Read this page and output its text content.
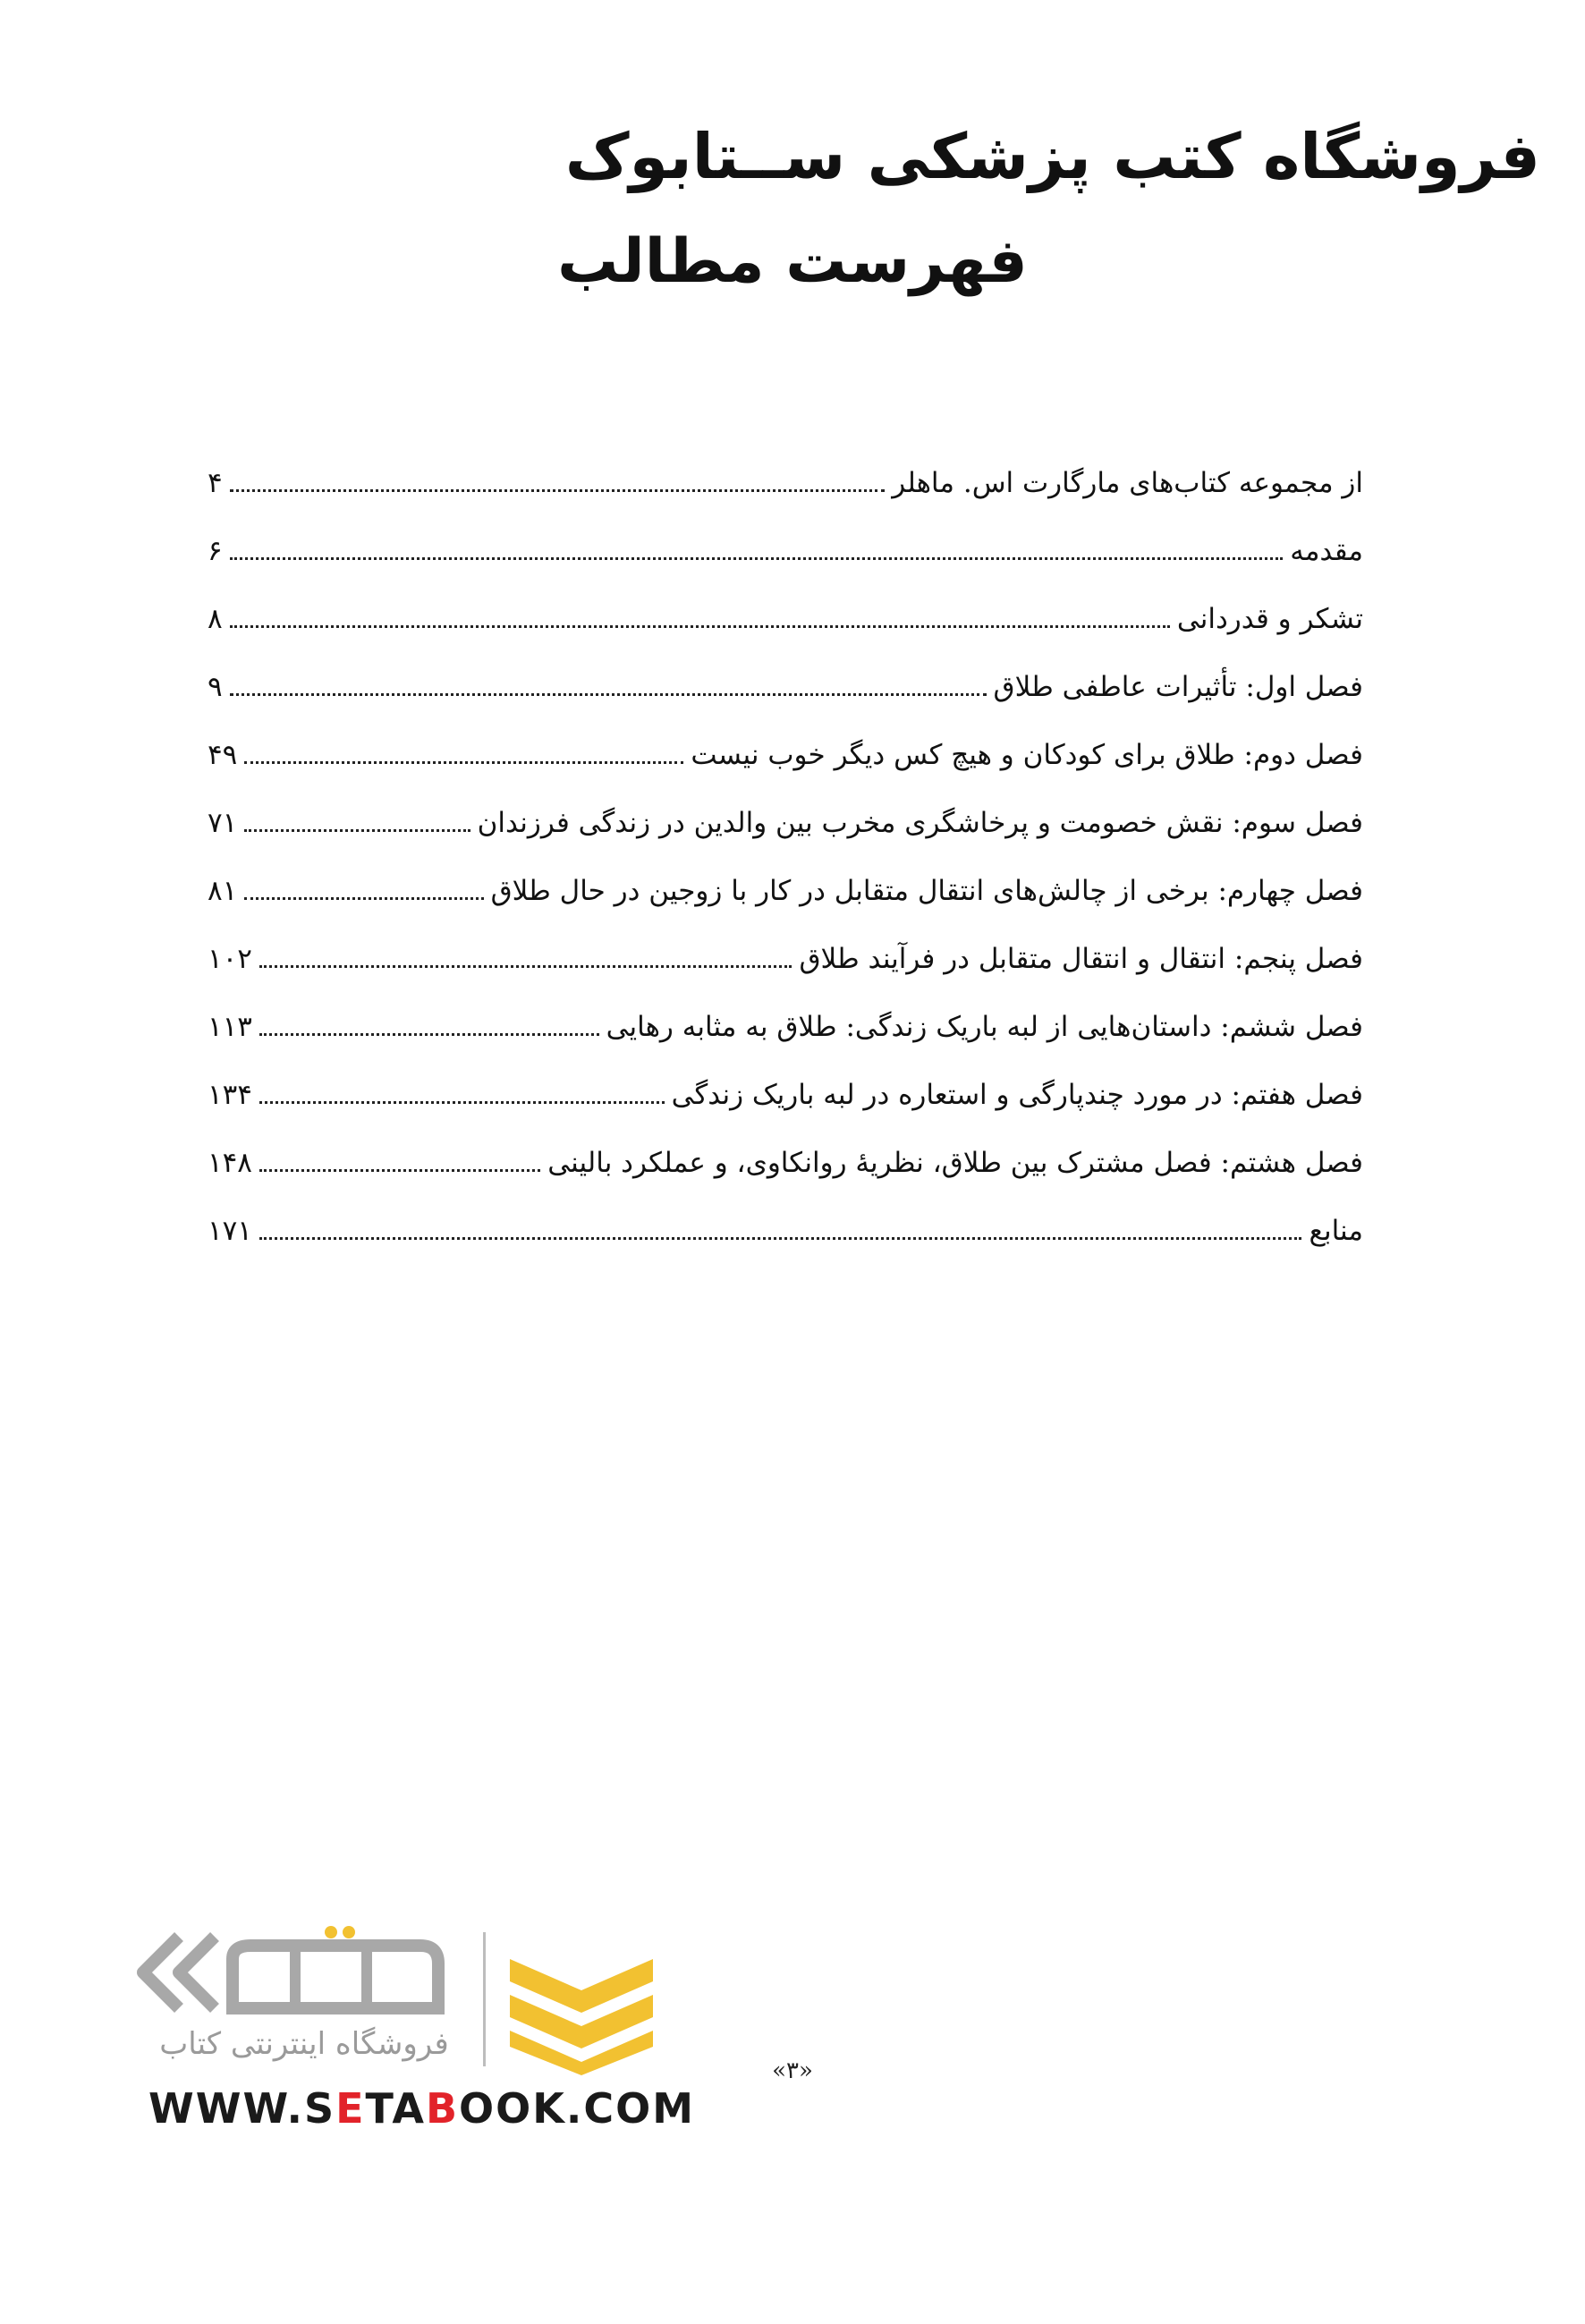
فروشگاه کتب پزشکی ســتابوک
فهرست مطالب
از مجموعه کتاب‌های مارگارت اس. ماهلر
۴
مقدمه
۶
تشکر و قدردانی
۸
فصل اول: تأثیرات عاطفی طلاق
۹
فصل دوم: طلاق برای کودکان و هیچ کس دیگر خوب نیست
۴۹
فصل سوم: نقش خصومت و پرخاشگری مخرب بین والدین در زندگی فرزندان
۷۱
فصل چهارم: برخی از چالش‌های انتقال متقابل در کار با زوجین در حال طلاق
۸۱
فصل پنجم: انتقال و انتقال متقابل در فرآیند طلاق
۱۰۲
فصل ششم: داستان‌هایی از لبه باریک زندگی: طلاق به مثابه رهایی
۱۱۳
فصل هفتم: در مورد چندپارگی و استعاره در لبه باریک زندگی
۱۳۴
فصل هشتم: فصل مشترک بین طلاق، نظریهٔ روانکاوی، و عملکرد بالینی
۱۴۸
منابع
۱۷۱
فروشگاه اینترنتی کتاب
WWW.SETABOOK.COM
«۳»
